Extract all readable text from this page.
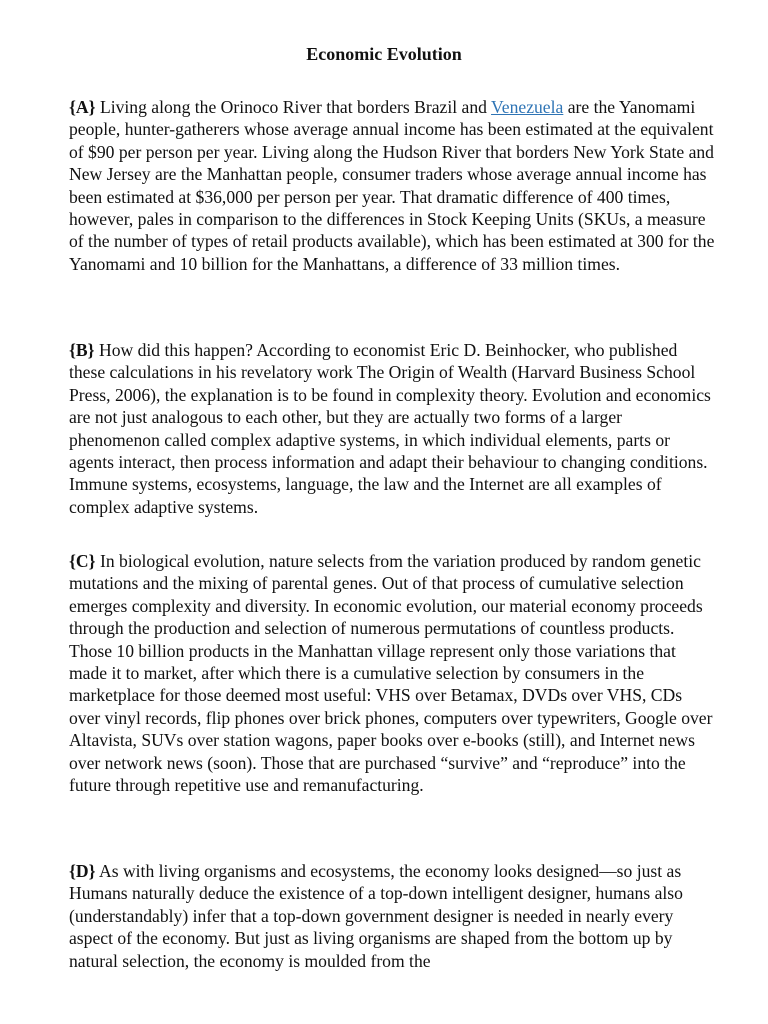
Economic Evolution

{A} Living along the Orinoco River that borders Brazil and Venezuela are the Yanomami people, hunter-gatherers whose average annual income has been estimated at the equivalent of $90 per person per year. Living along the Hudson River that borders New York State and New Jersey are the Manhattan people, consumer traders whose average annual income has been estimated at $36,000 per person per year. That dramatic difference of 400 times, however, pales in comparison to the differences in Stock Keeping Units (SKUs, a measure of the number of types of retail products available), which has been estimated at 300 for the Yanomami and 10 billion for the Manhattans, a difference of 33 million times.

{B} How did this happen? According to economist Eric D. Beinhocker, who published these calculations in his revelatory work The Origin of Wealth (Harvard Business School Press, 2006), the explanation is to be found in complexity theory. Evolution and economics are not just analogous to each other, but they are actually two forms of a larger phenomenon called complex adaptive systems, in which individual elements, parts or agents interact, then process information and adapt their behaviour to changing conditions. Immune systems, ecosystems, language, the law and the Internet are all examples of complex adaptive systems.

{C} In biological evolution, nature selects from the variation produced by random genetic mutations and the mixing of parental genes. Out of that process of cumulative selection emerges complexity and diversity. In economic evolution, our material economy proceeds through the production and selection of numerous permutations of countless products. Those 10 billion products in the Manhattan village represent only those variations that made it to market, after which there is a cumulative selection by consumers in the marketplace for those deemed most useful: VHS over Betamax, DVDs over VHS, CDs over vinyl records, flip phones over brick phones, computers over typewriters, Google over Altavista, SUVs over station wagons, paper books over e-books (still), and Internet news over network news (soon). Those that are purchased “survive” and “reproduce” into the future through repetitive use and remanufacturing.

{D} As with living organisms and ecosystems, the economy looks designed—so just as Humans naturally deduce the existence of a top-down intelligent designer, humans also (understandably) infer that a top-down government designer is needed in nearly every aspect of the economy. But just as living organisms are shaped from the bottom up by natural selection, the economy is moulded from the
